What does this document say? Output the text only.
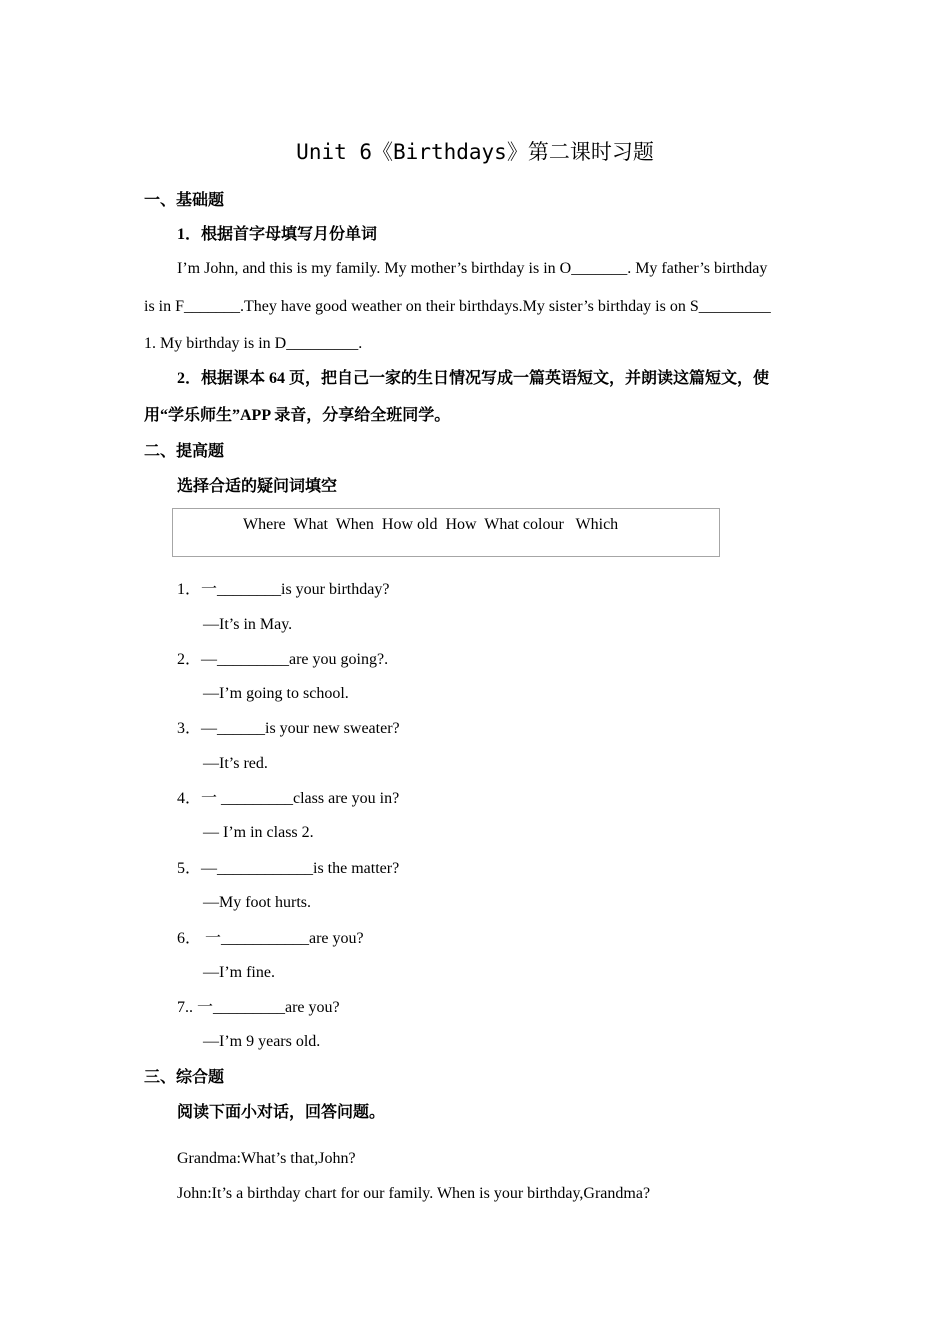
Unit 6《Birthdays》第二课时习题
一、基础题
1．根据首字母填写月份单词
I’m John, and this is my family. My mother’s birthday is in O_______. My father’s birthday
is in F_______.They have good weather on their birthdays.My sister’s birthday is on S_________
1. My birthday is in D_________.
2．根据课本 64 页，把自己一家的生日情况写成一篇英语短文，并朗读这篇短文，使
用“学乐师生”APP 录音，分享给全班同学。
二、提高题
选择合适的疑问词填空
Where  What  When  How old  How  What colour   Which
1．一________is your birthday?
—It’s in May.
2．—_________are you going?.
—I’m going to school.
3．—______is your new sweater?
—It’s red.
4．一 _________class are you in?
— I’m in class 2.
5．—____________is the matter?
—My foot hurts.
6． 一___________are you?
—I’m fine.
7.. 一_________are you?
—I’m 9 years old.
三、综合题
阅读下面小对话，回答问题。
Grandma:What’s that,John?
John:It’s a birthday chart for our family. When is your birthday,Grandma?
